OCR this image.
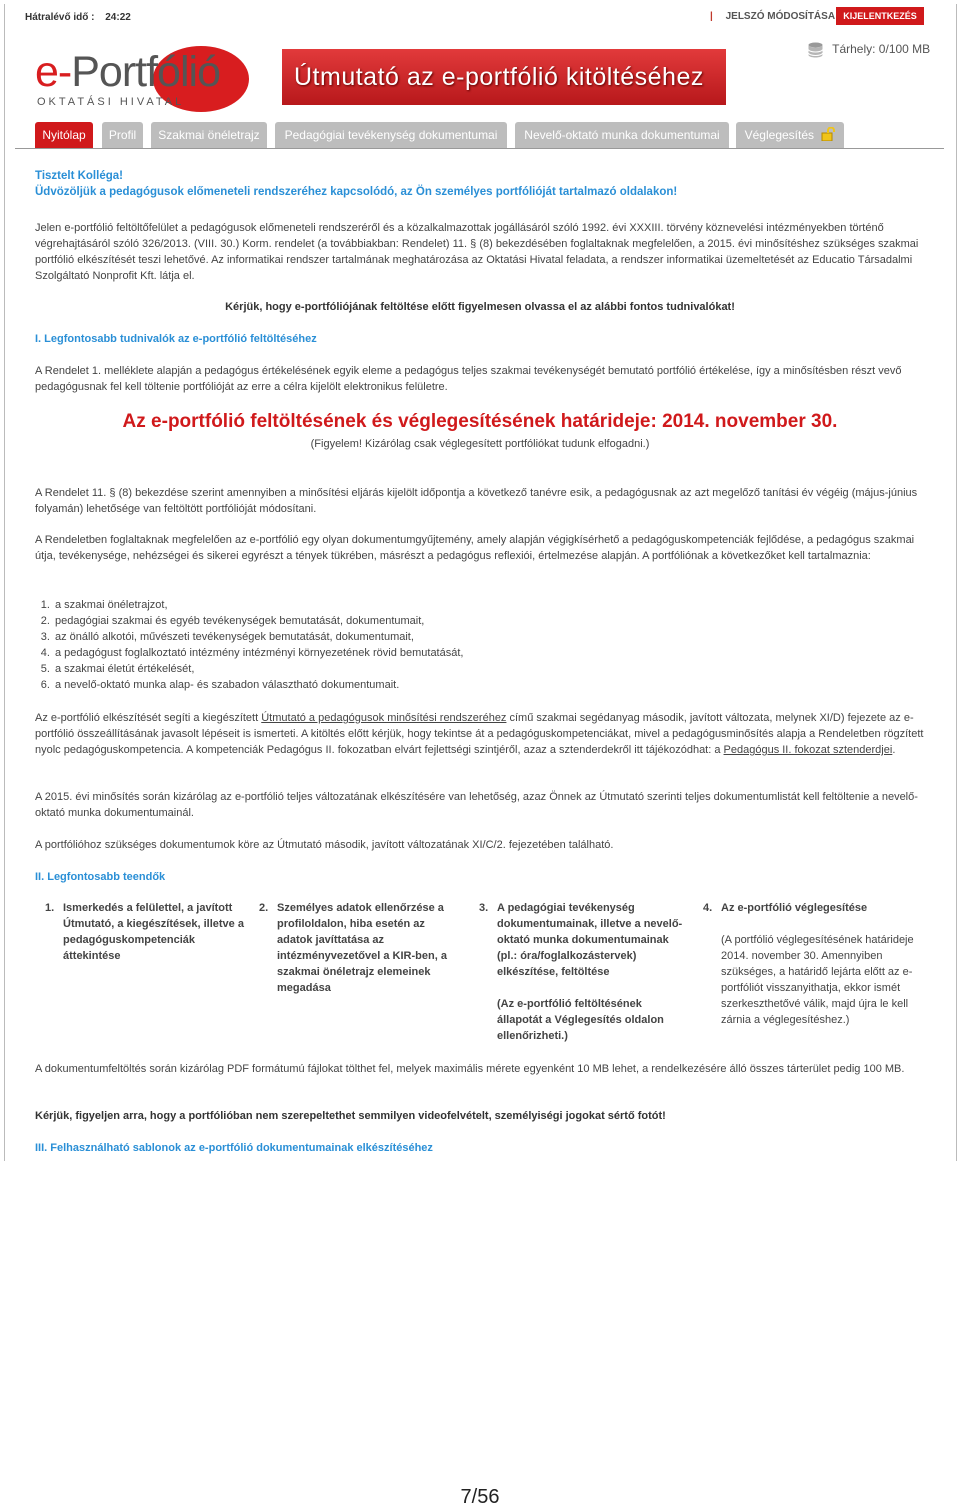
Hátralévő idő : 24:22	| JELSZÓ MÓDOSÍTÁSA KIJELENTKEZÉS
e-Portfólió
OKTATÁSI HIVATAL
Útmutató az e-portfólió kitöltéséhez
Tárhely: 0/100 MB
Nyitólap	Profil	Szakmai önéletrajz	Pedagógiai tevékenység dokumentumai	Nevelő-oktató munka dokumentumai	Véglegesítés
Tisztelt Kolléga!
Üdvözöljük a pedagógusok előmeneteli rendszeréhez kapcsolódó, az Ön személyes portfólióját tartalmazó oldalakon!

Jelen e-portfólió feltöltőfelület a pedagógusok előmeneteli rendszeréről és a közalkalmazottak jogállásáról szóló 1992. évi XXXIII. törvény köznevelési intézményekben történő végrehajtásáról szóló 326/2013. (VIII. 30.) Korm. rendelet (a továbbiakban: Rendelet) 11. § (8) bekezdésében foglaltaknak megfelelően, a 2015. évi minősítéshez szükséges szakmai portfólió elkészítését teszi lehetővé. Az informatikai rendszer tartalmának meghatározása az Oktatási Hivatal feladata, a rendszer informatikai üzemeltetését az Educatio Társadalmi Szolgáltató Nonprofit Kft. látja el.

Kérjük, hogy e-portfóliójának feltöltése előtt figyelmesen olvassa el az alábbi fontos tudnivalókat!
I. Legfontosabb tudnivalók az e-portfólió feltöltéséhez

A Rendelet 1. melléklete alapján a pedagógus értékelésének egyik eleme a pedagógus teljes szakmai tevékenységét bemutató portfólió értékelése, így a minősítésben részt vevő pedagógusnak fel kell töltenie portfólióját az erre a célra kijelölt elektronikus felületre.

Az e-portfólió feltöltésének és véglegesítésének határideje: 2014. november 30.
(Figyelem! Kizárólag csak véglegesített portfóliókat tudunk elfogadni.)

A Rendelet 11. § (8) bekezdése szerint amennyiben a minősítési eljárás kijelölt időpontja a következő tanévre esik, a pedagógusnak az azt megelőző tanítási év végéig (május-június folyamán) lehetősége van feltöltött portfólióját módosítani.

A Rendeletben foglaltaknak megfelelően az e-portfólió egy olyan dokumentumgyűjtemény, amely alapján végigkísérhető a pedagóguskompetenciák fejlődése, a pedagógus szakmai útja, tevékenysége, nehézségei és sikerei egyrészt a tények tükrében, másrészt a pedagógus reflexiói, értelmezése alapján. A portfóliónak a következőket kell tartalmaznia:

1. a szakmai önéletrajzot,
2. pedagógiai szakmai és egyéb tevékenységek bemutatását, dokumentumait,
3. az önálló alkotói, művészeti tevékenységek bemutatását, dokumentumait,
4. a pedagógust foglalkoztató intézmény intézményi környezetének rövid bemutatását,
5. a szakmai életút értékelését,
6. a nevelő-oktató munka alap- és szabadon választható dokumentumait.

Az e-portfólió elkészítését segíti a kiegészített Útmutató a pedagógusok minősítési rendszeréhez című szakmai segédanyag második, javított változata, melynek XI/D) fejezete az e-portfólió összeállításának javasolt lépéseit is ismerteti. A kitöltés előtt kérjük, hogy tekintse át a pedagóguskompetenciákat, mivel a pedagógusminősítés alapja a Rendeletben rögzített nyolc pedagóguskompetencia. A kompetenciák Pedagógus II. fokozatban elvárt fejlettségi szintjéről, azaz a sztenderdekről itt tájékozódhat: a Pedagógus II. fokozat sztenderdjei.

A 2015. évi minősítés során kizárólag az e-portfólió teljes változatának elkészítésére van lehetőség, azaz Önnek az Útmutató szerinti teljes dokumentumlistát kell feltöltenie a nevelő-oktató munka dokumentumainál.

A portfólióhoz szükséges dokumentumok köre az Útmutató második, javított változatának XI/C/2. fejezetében található.

II. Legfontosabb teendők
1. Ismerkedés a felülettel, a javított Útmutató, a kiegészítések, illetve a pedagóguskompetenciák áttekintése
2. Személyes adatok ellenőrzése a profiloldalon, hiba esetén az adatok javíttatása az intézményvezetővel a KIR-ben, a szakmai önéletrajz elemeinek megadása
3. A pedagógiai tevékenység dokumentumainak, illetve a nevelő-oktató munka dokumentumainak (pl.: óra/foglalkozástervek) elkészítése, feltöltése
(Az e-portfólió feltöltésének állapotát a Véglegesítés oldalon ellenőrizheti.)
4. Az e-portfólió véglegesítése
(A portfólió véglegesítésének határideje 2014. november 30. Amennyiben szükséges, a határidő lejárta előtt az e-portfóliót visszanyithatja, ekkor ismét szerkeszthetővé válik, majd újra le kell zárnia a véglegesítéshez.)

A dokumentumfeltöltés során kizárólag PDF formátumú fájlokat tölthet fel, melyek maximális mérete egyenként 10 MB lehet, a rendelkezésére álló összes tárterület pedig 100 MB.

Kérjük, figyeljen arra, hogy a portfólióban nem szerepeltethet semmilyen videofelvételt, személyiségi jogokat sértő fotót!

III. Felhasználható sablonok az e-portfólió dokumentumainak elkészítéséhez
7/56
